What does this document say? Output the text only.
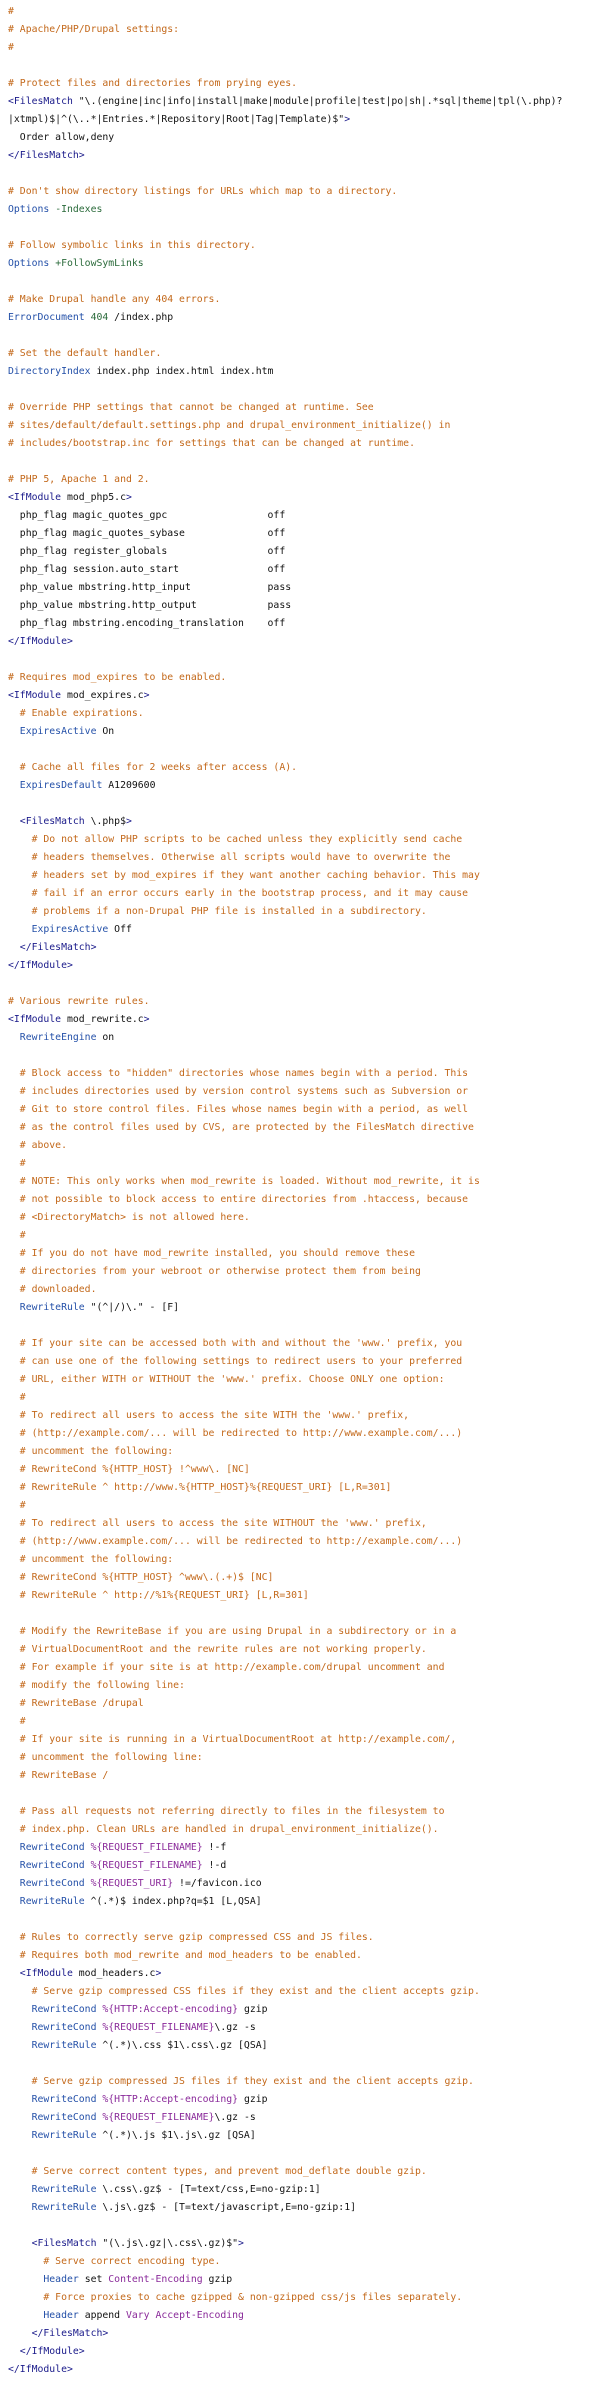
#
# Apache/PHP/Drupal settings:
#

# Protect files and directories from prying eyes.
<FilesMatch "\.(engine|inc|info|install|make|module|profile|test|po|sh|.*sql|theme|tpl(\.php)?
|xtmpl)$|^(\..*|Entries.*|Repository|Root|Tag|Template)$">
Order allow,deny
</FilesMatch>

# Don't show directory listings for URLs which map to a directory.
Options -Indexes

# Follow symbolic links in this directory.
Options +FollowSymLinks

# Make Drupal handle any 404 errors.
ErrorDocument 404 /index.php

# Set the default handler.
DirectoryIndex index.php index.html index.htm

# Override PHP settings that cannot be changed at runtime. See
# sites/default/default.settings.php and drupal_environment_initialize() in
# includes/bootstrap.inc for settings that can be changed at runtime.

# PHP 5, Apache 1 and 2.
<IfModule mod_php5.c>
php_flag magic_quotes_gpc                 off
php_flag magic_quotes_sybase              off
php_flag register_globals                 off
php_flag session.auto_start               off
php_value mbstring.http_input             pass
php_value mbstring.http_output            pass
php_flag mbstring.encoding_translation    off
</IfModule>

# Requires mod_expires to be enabled.
<IfModule mod_expires.c>
# Enable expirations.
ExpiresActive On

# Cache all files for 2 weeks after access (A).
ExpiresDefault A1209600

<FilesMatch \.php$>
# Do not allow PHP scripts to be cached unless they explicitly send cache
# headers themselves. Otherwise all scripts would have to overwrite the
# headers set by mod_expires if they want another caching behavior. This may
# fail if an error occurs early in the bootstrap process, and it may cause
# problems if a non-Drupal PHP file is installed in a subdirectory.
ExpiresActive Off
</FilesMatch>
</IfModule>

# Various rewrite rules.
<IfModule mod_rewrite.c>
RewriteEngine on

# Block access to "hidden" directories whose names begin with a period. This
# includes directories used by version control systems such as Subversion or
# Git to store control files. Files whose names begin with a period, as well
# as the control files used by CVS, are protected by the FilesMatch directive
# above.
#
# NOTE: This only works when mod_rewrite is loaded. Without mod_rewrite, it is
# not possible to block access to entire directories from .htaccess, because
# <DirectoryMatch> is not allowed here.
#
# If you do not have mod_rewrite installed, you should remove these
# directories from your webroot or otherwise protect them from being
# downloaded.
RewriteRule "(^|/)\." - [F]

# If your site can be accessed both with and without the 'www.' prefix, you
# can use one of the following settings to redirect users to your preferred
# URL, either WITH or WITHOUT the 'www.' prefix. Choose ONLY one option:
#
# To redirect all users to access the site WITH the 'www.' prefix,
# (http://example.com/... will be redirected to http://www.example.com/...)
# uncomment the following:
# RewriteCond %{HTTP_HOST} !^www\. [NC]
# RewriteRule ^ http://www.%{HTTP_HOST}%{REQUEST_URI} [L,R=301]
#
# To redirect all users to access the site WITHOUT the 'www.' prefix,
# (http://www.example.com/... will be redirected to http://example.com/...)
# uncomment the following:
# RewriteCond %{HTTP_HOST} ^www\.(.+)$ [NC]
# RewriteRule ^ http://%1%{REQUEST_URI} [L,R=301]

# Modify the RewriteBase if you are using Drupal in a subdirectory or in a
# VirtualDocumentRoot and the rewrite rules are not working properly.
# For example if your site is at http://example.com/drupal uncomment and
# modify the following line:
# RewriteBase /drupal
#
# If your site is running in a VirtualDocumentRoot at http://example.com/,
# uncomment the following line:
# RewriteBase /

# Pass all requests not referring directly to files in the filesystem to
# index.php. Clean URLs are handled in drupal_environment_initialize().
RewriteCond %{REQUEST_FILENAME} !-f
RewriteCond %{REQUEST_FILENAME} !-d
RewriteCond %{REQUEST_URI} !=/favicon.ico
RewriteRule ^(.*)$ index.php?q=$1 [L,QSA]

# Rules to correctly serve gzip compressed CSS and JS files.
# Requires both mod_rewrite and mod_headers to be enabled.
<IfModule mod_headers.c>
# Serve gzip compressed CSS files if they exist and the client accepts gzip.
RewriteCond %{HTTP:Accept-encoding} gzip
RewriteCond %{REQUEST_FILENAME}\.gz -s
RewriteRule ^(.*)\.css $1\.css\.gz [QSA]

# Serve gzip compressed JS files if they exist and the client accepts gzip.
RewriteCond %{HTTP:Accept-encoding} gzip
RewriteCond %{REQUEST_FILENAME}\.gz -s
RewriteRule ^(.*)\.js $1\.js\.gz [QSA]

# Serve correct content types, and prevent mod_deflate double gzip.
RewriteRule \.css\.gz$ - [T=text/css,E=no-gzip:1]
RewriteRule \.js\.gz$ - [T=text/javascript,E=no-gzip:1]

<FilesMatch "(\.js\.gz|\.css\.gz)$">
# Serve correct encoding type.
Header set Content-Encoding gzip
# Force proxies to cache gzipped & non-gzipped css/js files separately.
Header append Vary Accept-Encoding
</FilesMatch>
</IfModule>
</IfModule>
